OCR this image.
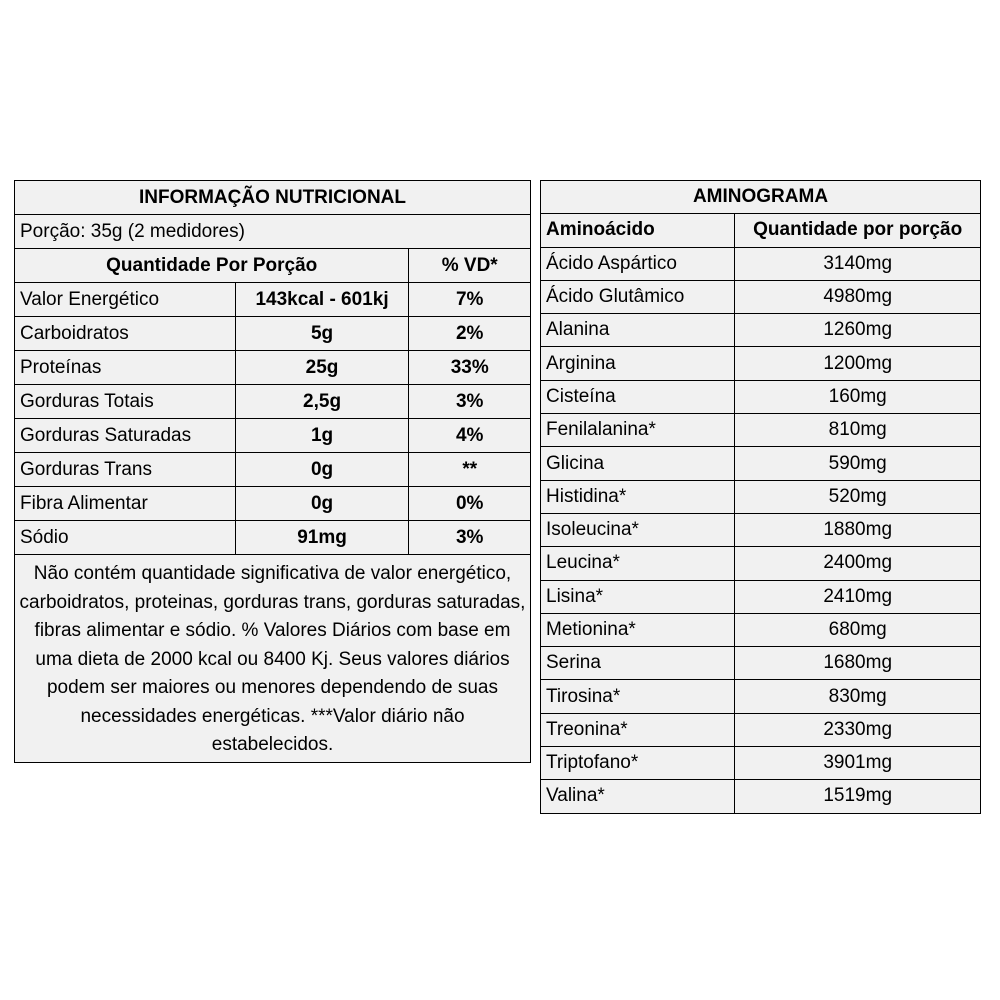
INFORMAÇÃO NUTRICIONAL		
Porção: 35g (2 medidores)		
Quantidade Por Porção		% VD*
Valor Energético	143kcal - 601kj	7%
Carboidratos	5g	2%
Proteínas	25g	33%
Gorduras Totais	2,5g	3%
Gorduras Saturadas	1g	4%
Gorduras Trans	0g	**
Fibra Alimentar	0g	0%
Sódio	91mg	3%
Não contém quantidade significativa de valor energético, carboidratos, proteinas, gorduras trans, gorduras saturadas, fibras alimentar e sódio. % Valores Diários com base em uma dieta de 2000 kcal ou 8400 Kj. Seus valores diários podem ser maiores ou menores dependendo de suas necessidades energéticas. ***Valor diário não estabelecidos.		
AMINOGRAMA	
Aminoácido	Quantidade por porção
Ácido Aspártico	3140mg
Ácido Glutâmico	4980mg
Alanina	1260mg
Arginina	1200mg
Cisteína	160mg
Fenilalanina*	810mg
Glicina	590mg
Histidina*	520mg
Isoleucina*	1880mg
Leucina*	2400mg
Lisina*	2410mg
Metionina*	680mg
Serina	1680mg
Tirosina*	830mg
Treonina*	2330mg
Triptofano*	3901mg
Valina*	1519mg
